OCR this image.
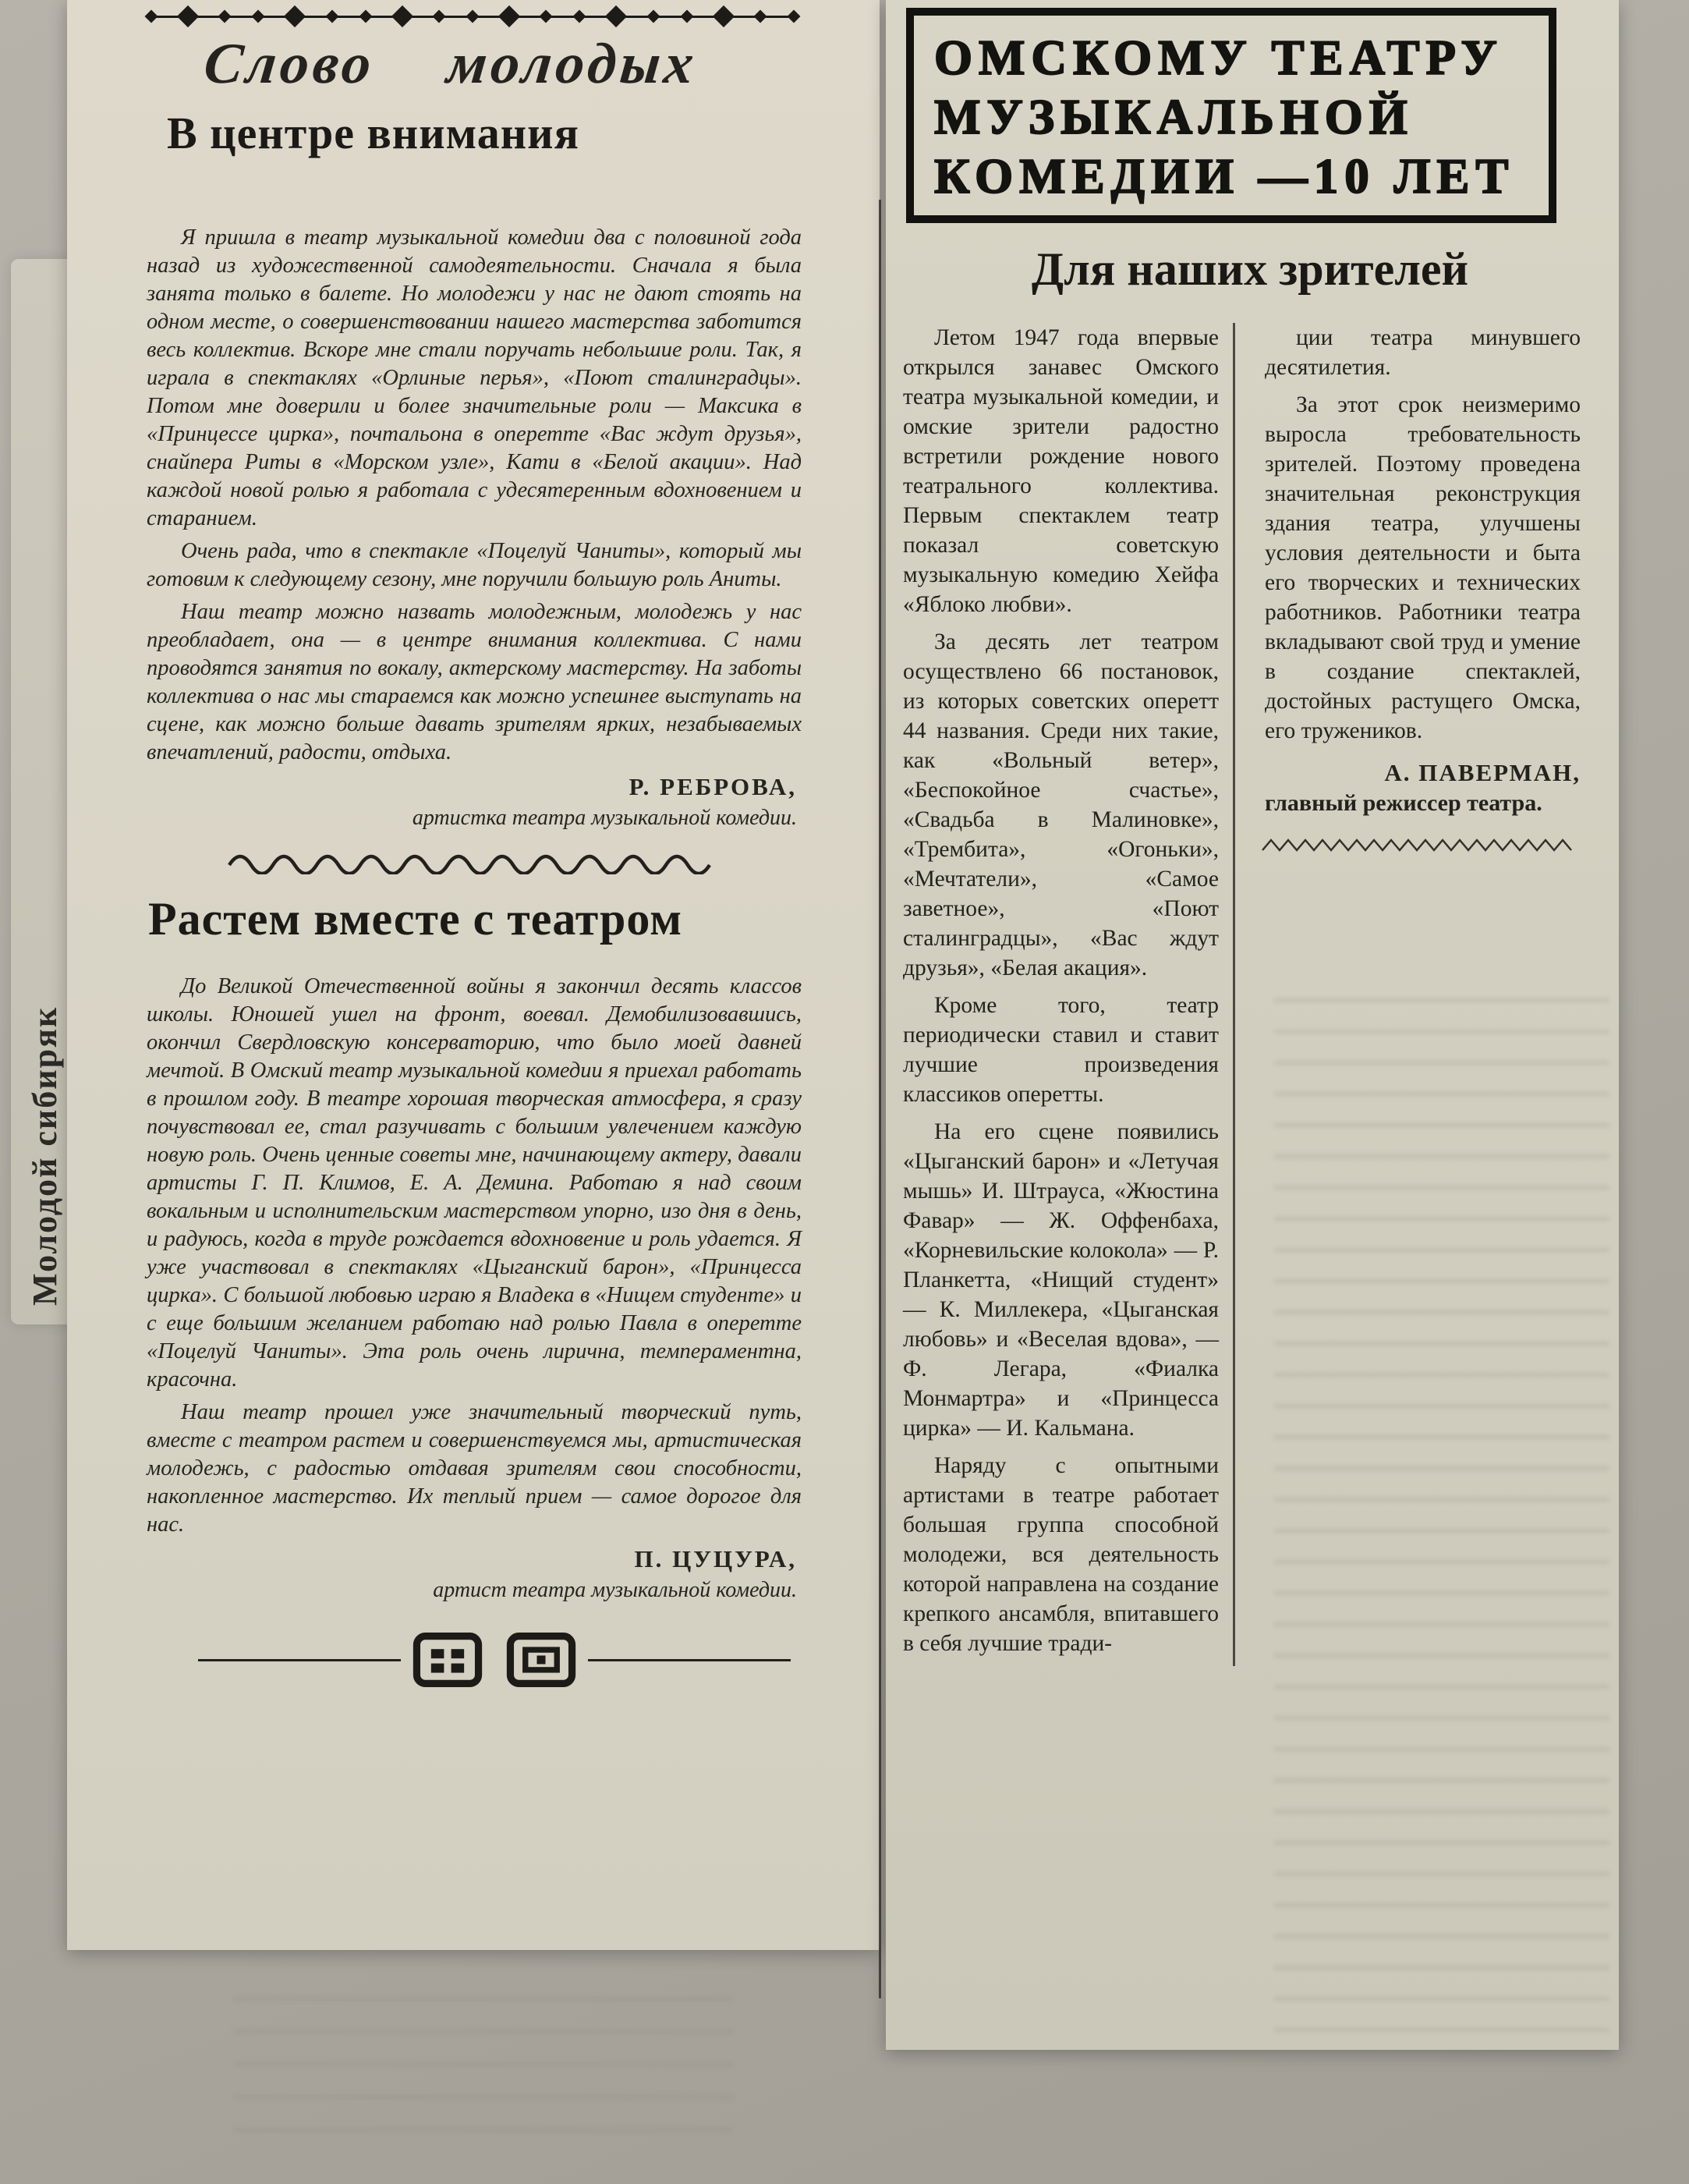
Молодой сибиряк
Слово молодых
В центре внимания

Я пришла в театр музыкальной комедии два с половиной года назад из художественной самодеятельности. Сначала я была занята только в балете. Но молодежи у нас не дают стоять на одном месте, о совершенствовании нашего мастерства заботится весь коллектив. Вскоре мне стали поручать небольшие роли. Так, я играла в спектаклях «Орлиные перья», «Поют сталинградцы». Потом мне доверили и более значительные роли — Максика в «Принцессе цирка», почтальона в оперетте «Вас ждут друзья», снайпера Риты в «Морском узле», Кати в «Белой акации». Над каждой новой ролью я работала с удесятеренным вдохновением и старанием.

Очень рада, что в спектакле «Поцелуй Чаниты», который мы готовим к следующему сезону, мне поручили большую роль Аниты.

Наш театр можно назвать молодежным, молодежь у нас преобладает, она — в центре внимания коллектива. С нами проводятся занятия по вокалу, актерскому мастерству. На заботы коллектива о нас мы стараемся как можно успешнее выступать на сцене, как можно больше давать зрителям ярких, незабываемых впечатлений, радости, отдыха.

Р. РЕБРОВА,
артистка театра музыкальной комедии.
Растем вместе с театром

До Великой Отечественной войны я закончил десять классов школы. Юношей ушел на фронт, воевал. Демобилизовавшись, окончил Свердловскую консерваторию, что было моей давней мечтой. В Омский театр музыкальной комедии я приехал работать в прошлом году. В театре хорошая творческая атмосфера, я сразу почувствовал ее, стал разучивать с большим увлечением каждую новую роль. Очень ценные советы мне, начинающему актеру, давали артисты Г. П. Климов, Е. А. Демина. Работаю я над своим вокальным и исполнительским мастерством упорно, изо дня в день, и радуюсь, когда в труде рождается вдохновение и роль удается. Я уже участвовал в спектаклях «Цыганский барон», «Принцесса цирка». С большой любовью играю я Владека в «Нищем студенте» и с еще большим желанием работаю над ролью Павла в оперетте «Поцелуй Чаниты». Эта роль очень лирична, темпераментна, красочна.

Наш театр прошел уже значительный творческий путь, вместе с театром растем и совершенствуемся мы, артистическая молодежь, с радостью отдавая зрителям свои способности, накопленное мастерство. Их теплый прием — самое дорогое для нас.

П. ЦУЦУРА,
артист театра музыкальной комедии.
ОМСКОМУ ТЕАТРУ
МУЗЫКАЛЬНОЙ
КОМЕДИИ —10 ЛЕТ
Для наших зрителей

Летом 1947 года впервые открылся занавес Омского театра музыкальной комедии, и омские зрители радостно встретили рождение нового театрального коллектива. Первым спектаклем театр показал советскую музыкальную комедию Хейфа «Яблоко любви».

За десять лет театром осуществлено 66 постановок, из которых советских оперетт 44 названия. Среди них такие, как «Вольный ветер», «Беспокойное счастье», «Свадьба в Малиновке», «Трембита», «Огоньки», «Мечтатели», «Самое заветное», «Поют сталинградцы», «Вас ждут друзья», «Белая акация».

Кроме того, театр периодически ставил и ставит лучшие произведения классиков оперетты.

На его сцене появились «Цыганский барон» и «Летучая мышь» И. Штрауса, «Жюстина Фавар» — Ж. Оффенбаха, «Корневильские колокола» — Р. Планкетта, «Нищий студент» — К. Миллекера, «Цыганская любовь» и «Веселая вдова», — Ф. Легара, «Фиалка Монмартра» и «Принцесса цирка» — И. Кальмана.

Наряду с опытными артистами в театре работает большая группа способной молодежи, вся деятельность которой направлена на создание крепкого ансамбля, впитавшего в себя лучшие тради-

ции театра минувшего десятилетия.

За этот срок неизмеримо выросла требовательность зрителей. Поэтому проведена значительная реконструкция здания театра, улучшены условия деятельности и быта его творческих и технических работников. Работники театра вкладывают свой труд и умение в создание спектаклей, достойных растущего Омска, его тружеников.

А. ПАВЕРМАН,
главный режиссер театра.
